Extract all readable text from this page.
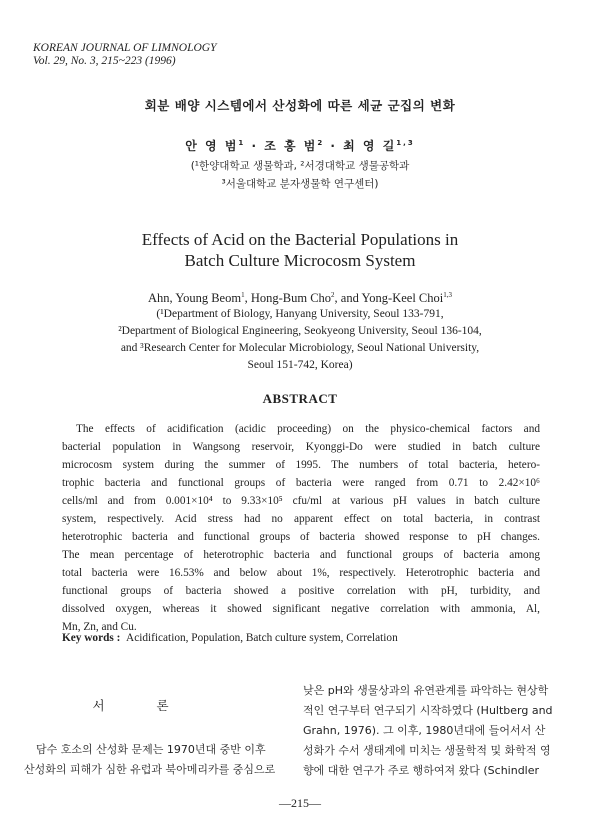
KOREAN JOURNAL OF LIMNOLOGY
Vol. 29, No. 3, 215~223 (1996)
회분 배양 시스템에서 산성화에 따른 세균 군집의 변화
안 영 범$^1$ · 조 홍 범$^2$ · 최 영 길$^{1,3}$
(¹한양대학교 생물학과, ²서경대학교 생물공학과
³서울대학교 분자생물학 연구센터)
Effects of Acid on the Bacterial Populations in
Batch Culture Microcosm System
Ahn, Young Beom$^1$, Hong-Bum Cho$^2$, and Yong-Keel Choi$^{1,3}$
(¹Department of Biology, Hanyang University, Seoul 133-791,
²Department of Biological Engineering, Seokyeong University, Seoul 136-104,
and ³Research Center for Molecular Microbiology, Seoul National University,
Seoul 151-742, Korea)
ABSTRACT
The effects of acidification (acidic proceeding) on the physico-chemical factors and
bacterial population in Wangsong reservoir, Kyonggi-Do were studied in batch culture
microcosm system during the summer of 1995. The numbers of total bacteria, hetero-
trophic bacteria and functional groups of bacteria were ranged from 0.71 to 2.42×10⁶
cells/ml and from 0.001×10⁴ to 9.33×10⁵ cfu/ml at various pH values in batch culture
system, respectively. Acid stress had no apparent effect on total bacteria, in contrast
heterotrophic bacteria and functional groups of bacteria showed response to pH changes.
The mean percentage of heterotrophic bacteria and functional groups of bacteria among
total bacteria were 16.53% and below about 1%, respectively. Heterotrophic bacteria and
functional groups of bacteria showed a positive correlation with pH, turbidity, and
dissolved oxygen, whereas it showed significant negative correlation with ammonia, Al,
Mn, Zn, and Cu.
Key words : Acidification, Population, Batch culture system, Correlation
서 론
담수 호소의 산성화 문제는 1970년대 중반 이후
산성화의 피해가 심한 유럽과 북아메리카를 중심으로
낮은 pH와 생물상과의 유연관계를 파악하는 현상학
적인 연구부터 연구되기 시작하였다 (Hultberg and
Grahn, 1976). 그 이후, 1980년대에 들어서서 산
성화가 수서 생태계에 미치는 생물학적 및 화학적 영
향에 대한 연구가 주로 행하여져 왔다 (Schindler
—215—
